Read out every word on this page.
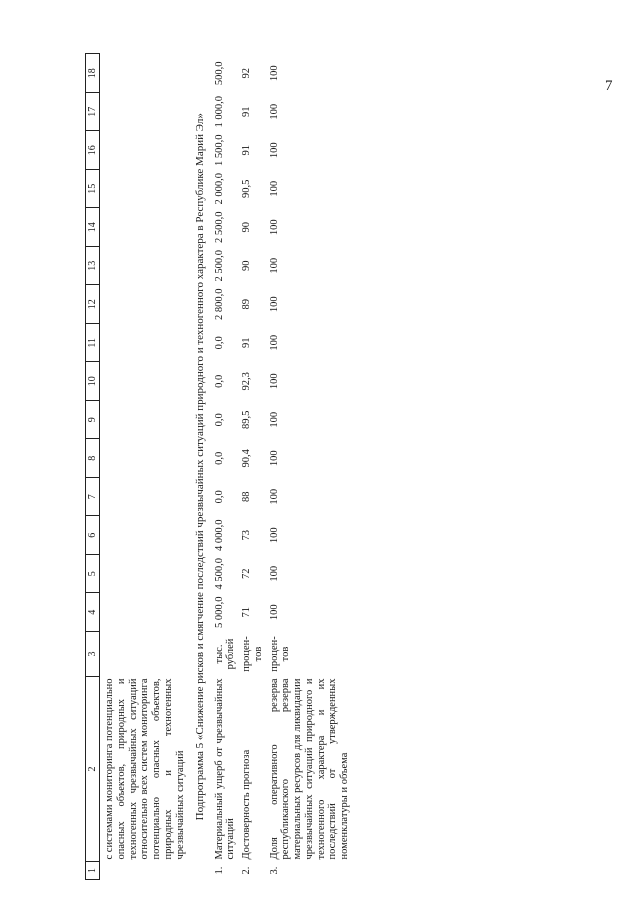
7
1	2	3	4	5	6	7	8	9	10	11	12	13	14	15	16	17	18
	с системами мониторинга потенциально опасных объектов, природных и техногенных чрезвычайных ситуаций относительно всех систем мониторинга потенциально опасных объектов, природных и техногенных чрезвычайных ситуаций																
Подпрограмма 5 «Снижение рисков и смягчение последствий чрезвычайных ситуаций природного и техногенного характера в Республике Марий Эл»																	
1.	Материальный ущерб от чрезвычайных ситуаций	тыс. рублей	5 000,0	4 500,0	4 000,0	0,0	0,0	0,0	0,0	0,0	2 800,0	2 500,0	2 500,0	2 000,0	1 500,0	1 000,0	500,0
2.	Достоверность прогноза	процен-тов	71	72	73	88	90,4	89,5	92,3	91	89	90	90	90,5	91	91	92
3.	Доля оперативного резерва республиканского резерва материальных ресурсов для ликвидации чрезвычайных ситуаций природного и техногенного характера и их последствий от утвержденных номенклатуры и объема	процен-тов	100	100	100	100	100	100	100	100	100	100	100	100	100	100	100
